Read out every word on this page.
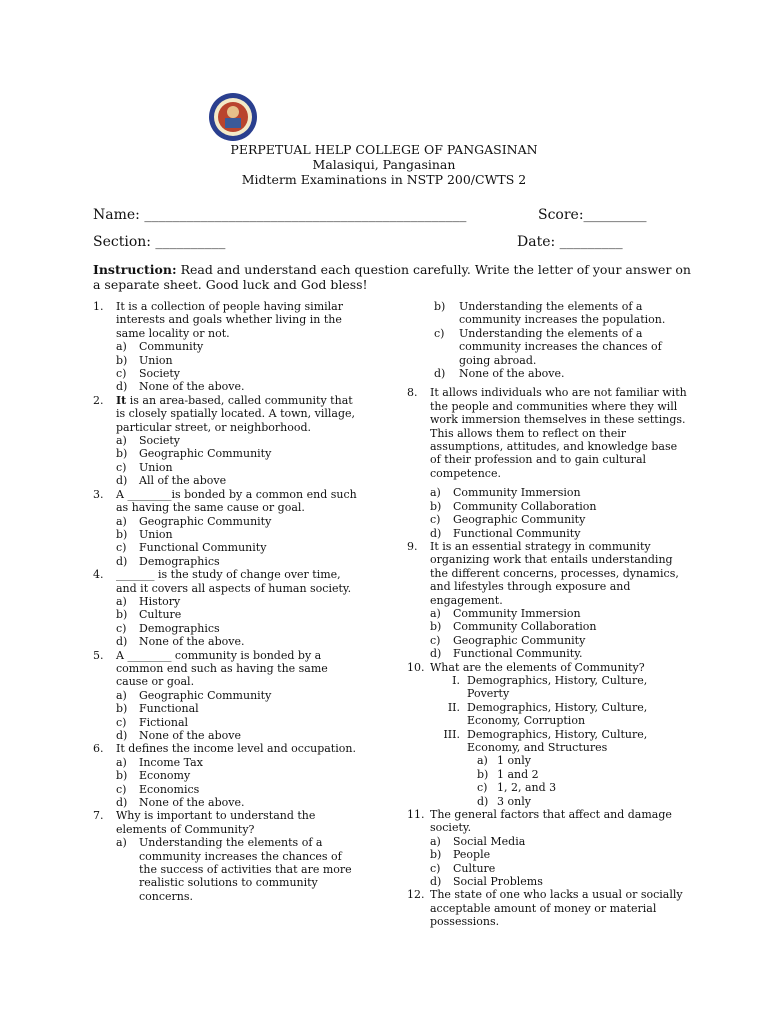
PERPETUAL HELP COLLEGE OF PANGASINAN
Malasiqui, Pangasinan
Midterm Examinations in NSTP 200/CWTS 2
Name: ______________________________________________	Score:_________
Section: __________	Date: _________
Instruction: Read and understand each question carefully. Write the letter of your answer on a separate sheet. Good luck and God bless!
1. It is a collection of people having similar interests and goals whether living in the same locality or not.
a) Community
b) Union
c) Society
d) None of the above.
2. It is an area-based, called community that is closely spatially located. A town, village, particular street, or neighborhood.
a) Society
b) Geographic Community
c) Union
d) All of the above
3. A ________is bonded by a common end such as having the same cause or goal.
a) Geographic Community
b) Union
c) Functional Community
d) Demographics
4. _______ is the study of change over time, and it covers all aspects of human society.
a) History
b) Culture
c) Demographics
d) None of the above.
5. A ________ community is bonded by a common end such as having the same cause or goal.
a) Geographic Community
b) Functional
c) Fictional
d) None of the above
6. It defines the income level and occupation.
a) Income Tax
b) Economy
c) Economics
d) None of the above.
7. Why is important to understand the elements of Community?
a) Understanding the elements of a community increases the chances of the success of activities that are more realistic solutions to community concerns.
b) Understanding the elements of a community increases the population.
c) Understanding the elements of a community increases the chances of going abroad.
d) None of the above.
8. It allows individuals who are not familiar with the people and communities where they will work immersion themselves in these settings. This allows them to reflect on their assumptions, attitudes, and knowledge base of their profession and to gain cultural competence.
a) Community Immersion
b) Community Collaboration
c) Geographic Community
d) Functional Community
9. It is an essential strategy in community organizing work that entails understanding the different concerns, processes, dynamics, and lifestyles through exposure and engagement.
a) Community Immersion
b) Community Collaboration
c) Geographic Community
d) Functional Community.
10. What are the elements of Community?
I. Demographics, History, Culture, Poverty
II. Demographics, History, Culture, Economy, Corruption
III. Demographics, History, Culture, Economy, and Structures
a) 1 only
b) 1 and 2
c) 1, 2, and 3
d) 3 only
11. The general factors that affect and damage society.
a) Social Media
b) People
c) Culture
d) Social Problems
12. The state of one who lacks a usual or socially acceptable amount of money or material possessions.
